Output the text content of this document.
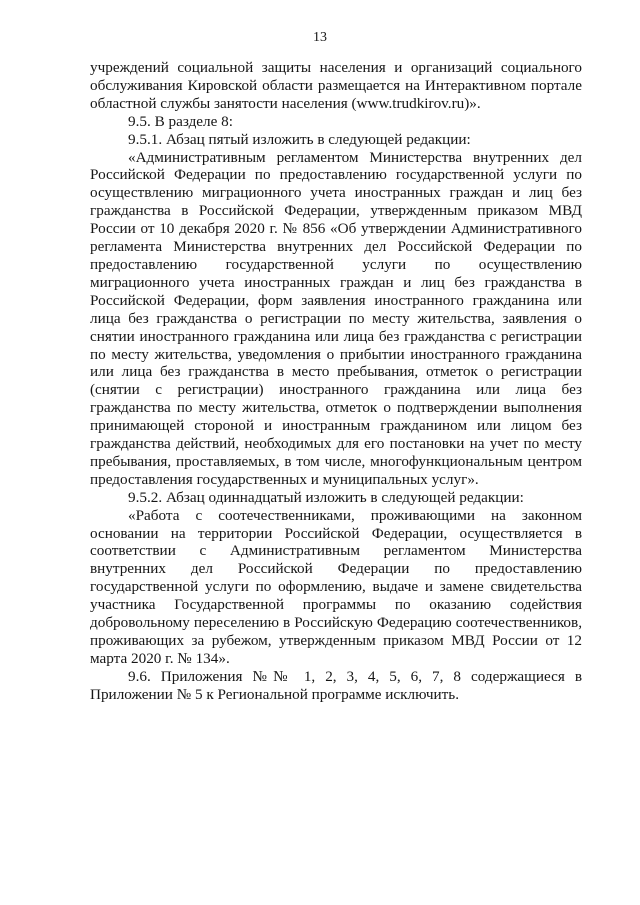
13

учреждений социальной защиты населения и организаций социального обслуживания Кировской области размещается на Интерактивном портале областной службы занятости населения (www.trudkirov.ru)».

9.5. В разделе 8:

9.5.1. Абзац пятый изложить в следующей редакции:

«Административным регламентом Министерства внутренних дел Российской Федерации по предоставлению государственной услуги по осуществлению миграционного учета иностранных граждан и лиц без гражданства в Российской Федерации, утвержденным приказом МВД России от 10 декабря 2020 г. № 856 «Об утверждении Административного регламента Министерства внутренних дел Российской Федерации по предоставлению государственной услуги по осуществлению миграционного учета иностранных граждан и лиц без гражданства в Российской Федерации, форм заявления иностранного гражданина или лица без гражданства о регистрации по месту жительства, заявления о снятии иностранного гражданина или лица без гражданства с регистрации по месту жительства, уведомления о прибытии иностранного гражданина или лица без гражданства в место пребывания, отметок о регистрации (снятии с регистрации) иностранного гражданина или лица без гражданства по месту жительства, отметок о подтверждении выполнения принимающей стороной и иностранным гражданином или лицом без гражданства действий, необходимых для его постановки на учет по месту пребывания, проставляемых, в том числе, многофункциональным центром предоставления государственных и муниципальных услуг».

9.5.2. Абзац одиннадцатый изложить в следующей редакции:

«Работа с соотечественниками, проживающими на законном основании на территории Российской Федерации, осуществляется в соответствии с Административным регламентом Министерства внутренних дел Российской Федерации по предоставлению государственной услуги по оформлению, выдаче и замене свидетельства участника Государственной программы по оказанию содействия добровольному переселению в Российскую Федерацию соотечественников, проживающих за рубежом, утвержденным приказом МВД России от 12 марта 2020 г. № 134».

9.6. Приложения №№ 1, 2, 3, 4, 5, 6, 7, 8 содержащиеся в Приложении № 5 к Региональной программе исключить.
